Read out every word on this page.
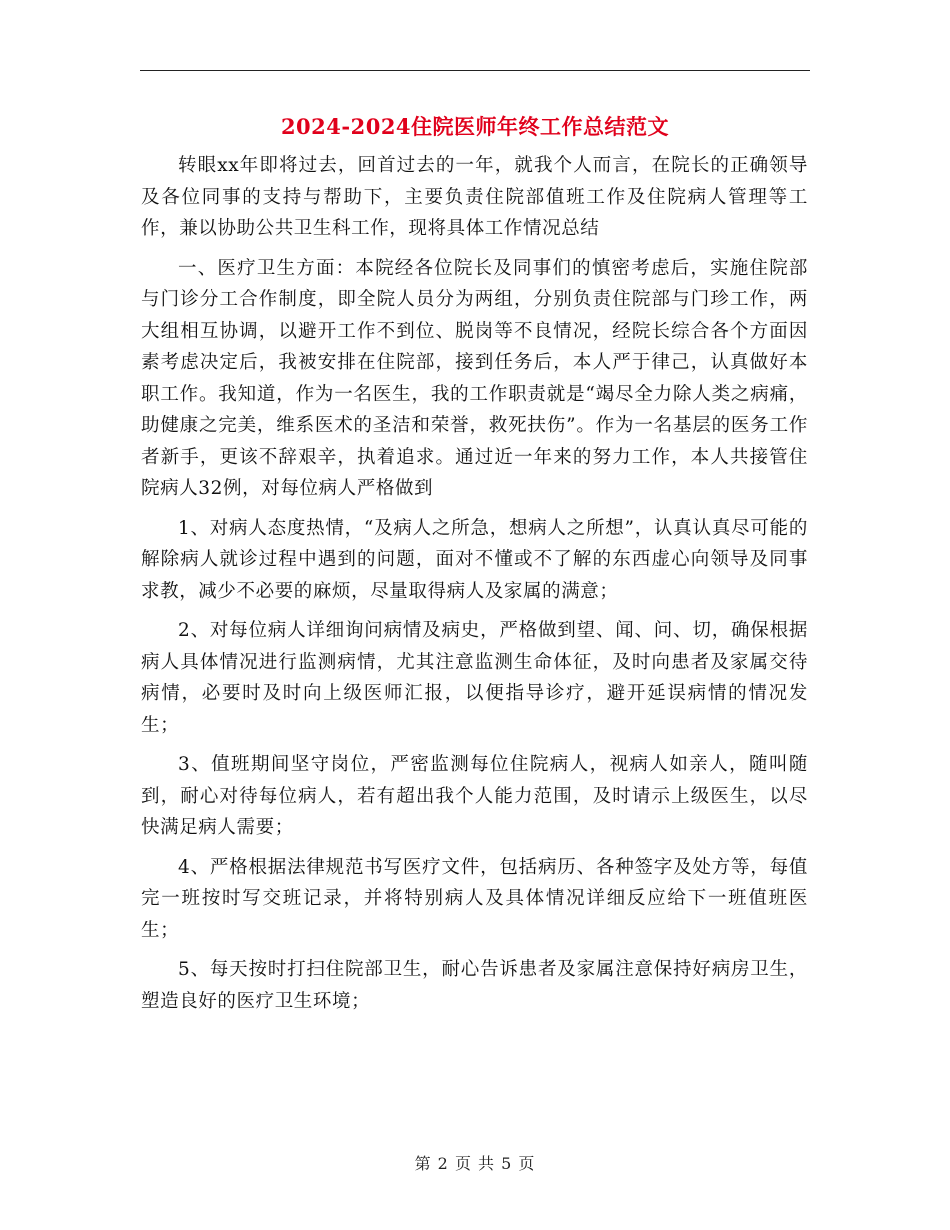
2024-2024住院医师年终工作总结范文

转眼xx年即将过去，回首过去的一年，就我个人而言，在院长的正确领导及各位同事的支持与帮助下，主要负责住院部值班工作及住院病人管理等工作，兼以协助公共卫生科工作，现将具体工作情况总结

一、医疗卫生方面：本院经各位院长及同事们的慎密考虑后，实施住院部与门诊分工合作制度，即全院人员分为两组，分别负责住院部与门珍工作，两大组相互协调，以避开工作不到位、脱岗等不良情况，经院长综合各个方面因素考虑决定后，我被安排在住院部，接到任务后，本人严于律己，认真做好本职工作。我知道，作为一名医生，我的工作职责就是“竭尽全力除人类之病痛，助健康之完美，维系医术的圣洁和荣誉，救死扶伤”。作为一名基层的医务工作者新手，更该不辞艰辛，执着追求。通过近一年来的努力工作，本人共接管住院病人32例，对每位病人严格做到

1、对病人态度热情，“及病人之所急，想病人之所想”，认真认真尽可能的解除病人就诊过程中遇到的问题，面对不懂或不了解的东西虚心向领导及同事求教，减少不必要的麻烦，尽量取得病人及家属的满意；

2、对每位病人详细询问病情及病史，严格做到望、闻、问、切，确保根据病人具体情况进行监测病情，尤其注意监测生命体征，及时向患者及家属交待病情，必要时及时向上级医师汇报，以便指导诊疗，避开延误病情的情况发生；

3、值班期间坚守岗位，严密监测每位住院病人，视病人如亲人，随叫随到，耐心对待每位病人，若有超出我个人能力范围，及时请示上级医生，以尽快满足病人需要；

4、严格根据法律规范书写医疗文件，包括病历、各种签字及处方等，每值完一班按时写交班记录，并将特别病人及具体情况详细反应给下一班值班医生；

5、每天按时打扫住院部卫生，耐心告诉患者及家属注意保持好病房卫生，塑造良好的医疗卫生环境；

第 2 页 共 5 页
